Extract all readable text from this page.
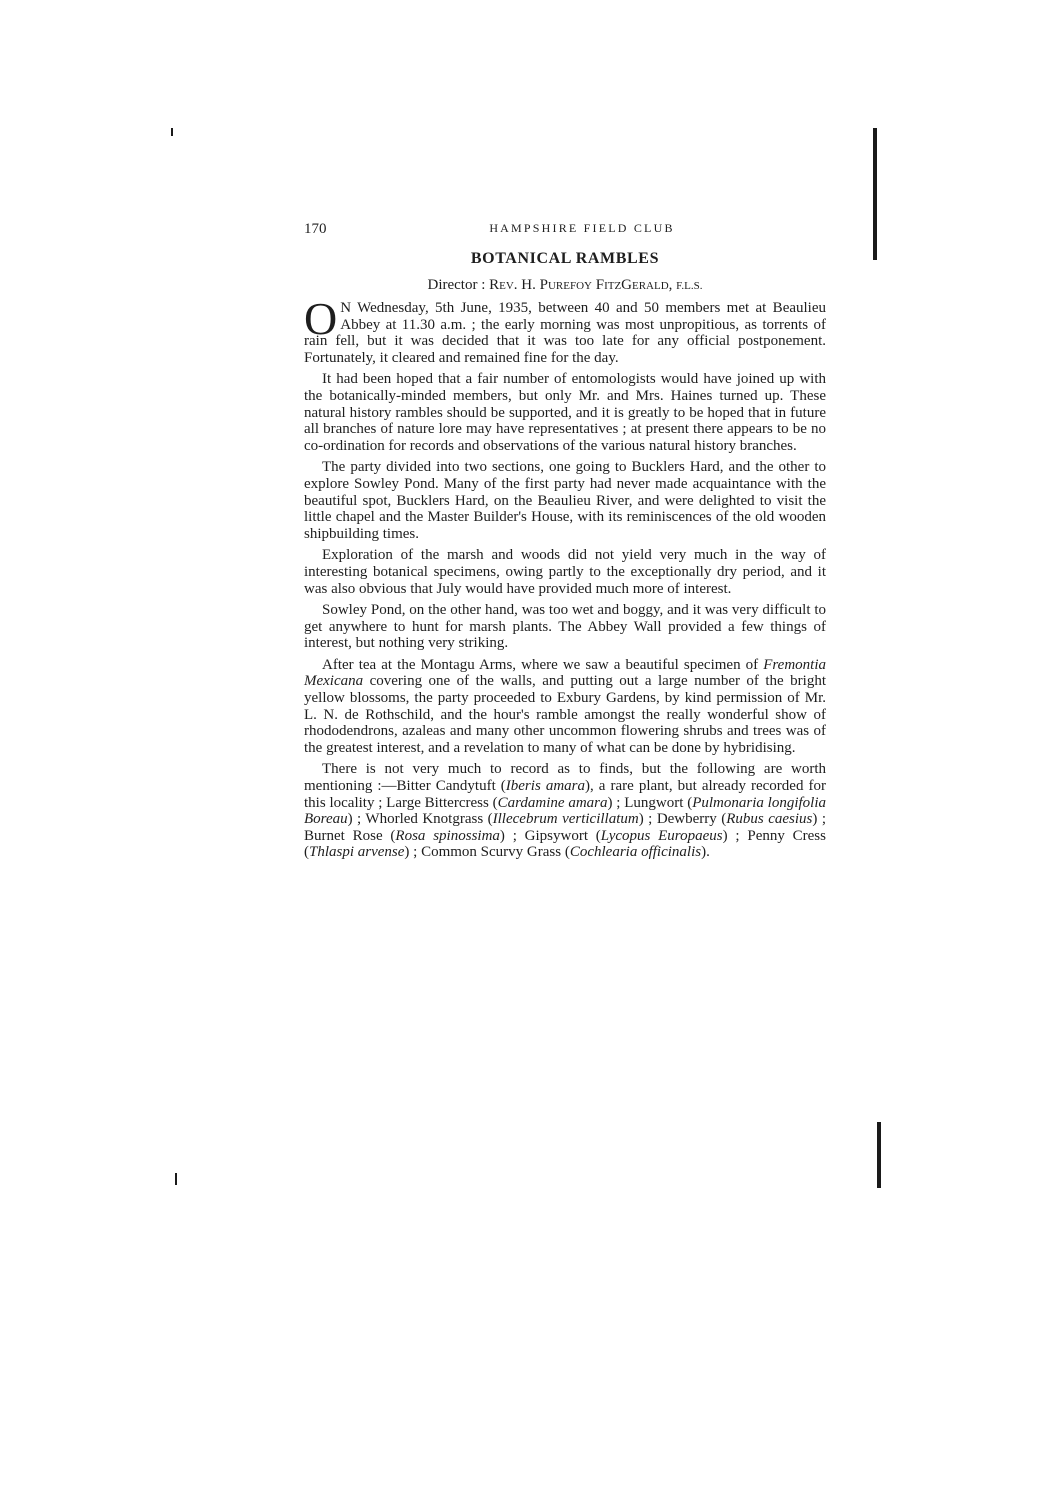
170	HAMPSHIRE FIELD CLUB
BOTANICAL RAMBLES
Director : Rev. H. Purefoy FitzGerald, F.L.S.

O N Wednesday, 5th June, 1935, between 40 and 50 members met at Beaulieu Abbey at 11.30 a.m. ; the early morning was most unpropitious, as torrents of rain fell, but it was decided that it was too late for any official postponement. Fortunately, it cleared and remained fine for the day.

It had been hoped that a fair number of entomologists would have joined up with the botanically-minded members, but only Mr. and Mrs. Haines turned up. These natural history rambles should be supported, and it is greatly to be hoped that in future all branches of nature lore may have representatives ; at present there appears to be no co-ordination for records and observations of the various natural history branches.

The party divided into two sections, one going to Bucklers Hard, and the other to explore Sowley Pond. Many of the first party had never made acquaintance with the beautiful spot, Bucklers Hard, on the Beaulieu River, and were delighted to visit the little chapel and the Master Builder's House, with its reminiscences of the old wooden shipbuilding times.

Exploration of the marsh and woods did not yield very much in the way of interesting botanical specimens, owing partly to the exceptionally dry period, and it was also obvious that July would have provided much more of interest.

Sowley Pond, on the other hand, was too wet and boggy, and it was very difficult to get anywhere to hunt for marsh plants. The Abbey Wall provided a few things of interest, but nothing very striking.

After tea at the Montagu Arms, where we saw a beautiful specimen of Fremontia Mexicana covering one of the walls, and putting out a large number of the bright yellow blossoms, the party proceeded to Exbury Gardens, by kind permission of Mr. L. N. de Rothschild, and the hour's ramble amongst the really wonderful show of rhododendrons, azaleas and many other uncommon flowering shrubs and trees was of the greatest interest, and a revelation to many of what can be done by hybridising.

There is not very much to record as to finds, but the following are worth mentioning :—Bitter Candytuft (Iberis amara), a rare plant, but already recorded for this locality ; Large Bittercress (Cardamine amara) ; Lungwort (Pulmonaria longifolia Boreau) ; Whorled Knotgrass (Illecebrum verticillatum) ; Dewberry (Rubus caesius) ; Burnet Rose (Rosa spinossima) ; Gipsywort (Lycopus Europaeus) ; Penny Cress (Thlaspi arvense) ; Common Scurvy Grass (Cochlearia officinalis).
